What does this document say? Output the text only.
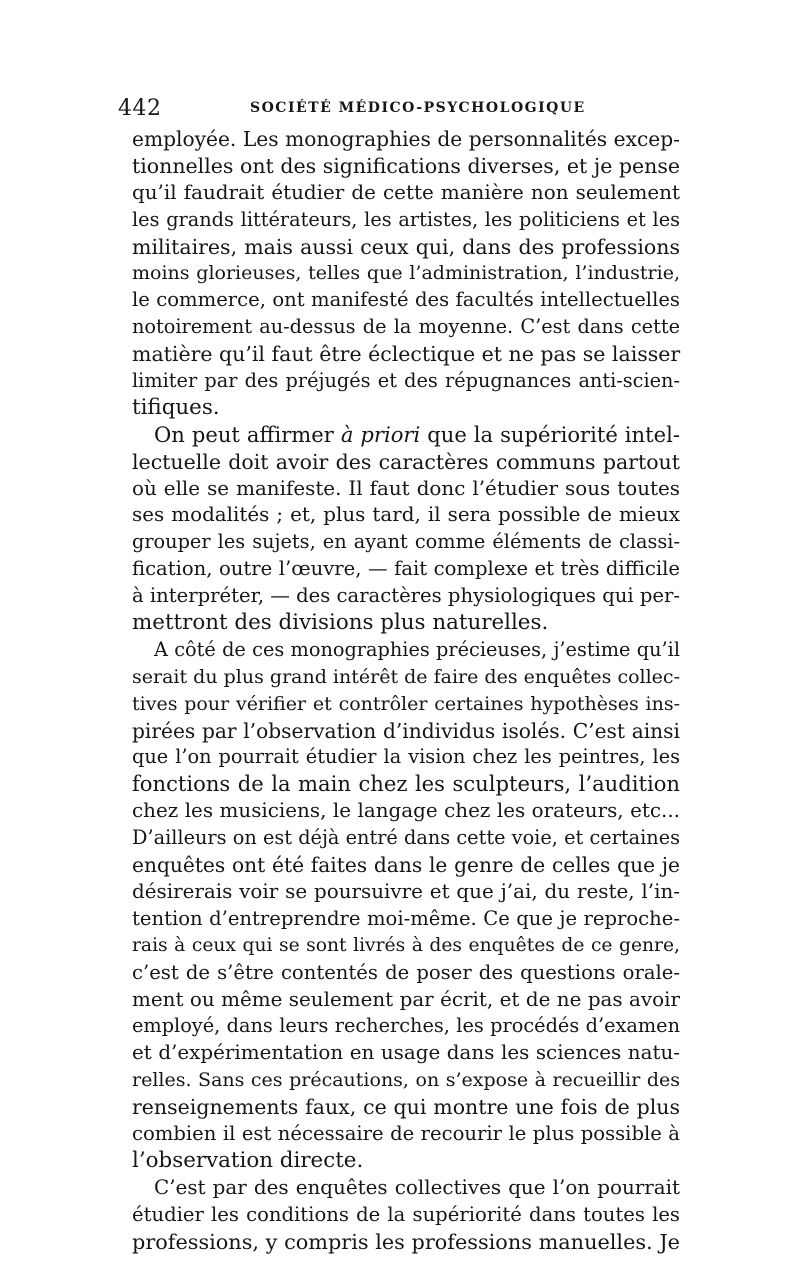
442	SOCIÉTÉ MÉDICO-PSYCHOLOGIQUE
employée. Les monographies de personnalités excep-
tionnelles ont des significations diverses, et je pense
qu’il faudrait étudier de cette manière non seulement
les grands littérateurs, les artistes, les politiciens et les
militaires, mais aussi ceux qui, dans des professions
moins glorieuses, telles que l’administration, l’industrie,
le commerce, ont manifesté des facultés intellectuelles
notoirement au-dessus de la moyenne. C’est dans cette
matière qu’il faut être éclectique et ne pas se laisser
limiter par des préjugés et des répugnances anti-scien-
tifiques.
On peut affirmer à priori que la supériorité intel-
lectuelle doit avoir des caractères communs partout
où elle se manifeste. Il faut donc l’étudier sous toutes
ses modalités ; et, plus tard, il sera possible de mieux
grouper les sujets, en ayant comme éléments de classi-
fication, outre l’œuvre, — fait complexe et très difficile
à interpréter, — des caractères physiologiques qui per-
mettront des divisions plus naturelles.
A côté de ces monographies précieuses, j’estime qu’il
serait du plus grand intérêt de faire des enquêtes collec-
tives pour vérifier et contrôler certaines hypothèses ins-
pirées par l’observation d’individus isolés. C’est ainsi
que l’on pourrait étudier la vision chez les peintres, les
fonctions de la main chez les sculpteurs, l’audition
chez les musiciens, le langage chez les orateurs, etc...
D’ailleurs on est déjà entré dans cette voie, et certaines
enquêtes ont été faites dans le genre de celles que je
désirerais voir se poursuivre et que j’ai, du reste, l’in-
tention d’entreprendre moi-même. Ce que je reproche-
rais à ceux qui se sont livrés à des enquêtes de ce genre,
c’est de s’être contentés de poser des questions orale-
ment ou même seulement par écrit, et de ne pas avoir
employé, dans leurs recherches, les procédés d’examen
et d’expérimentation en usage dans les sciences natu-
relles. Sans ces précautions, on s’expose à recueillir des
renseignements faux, ce qui montre une fois de plus
combien il est nécessaire de recourir le plus possible à
l’observation directe.
C’est par des enquêtes collectives que l’on pourrait
étudier les conditions de la supériorité dans toutes les
professions, y compris les professions manuelles. Je
